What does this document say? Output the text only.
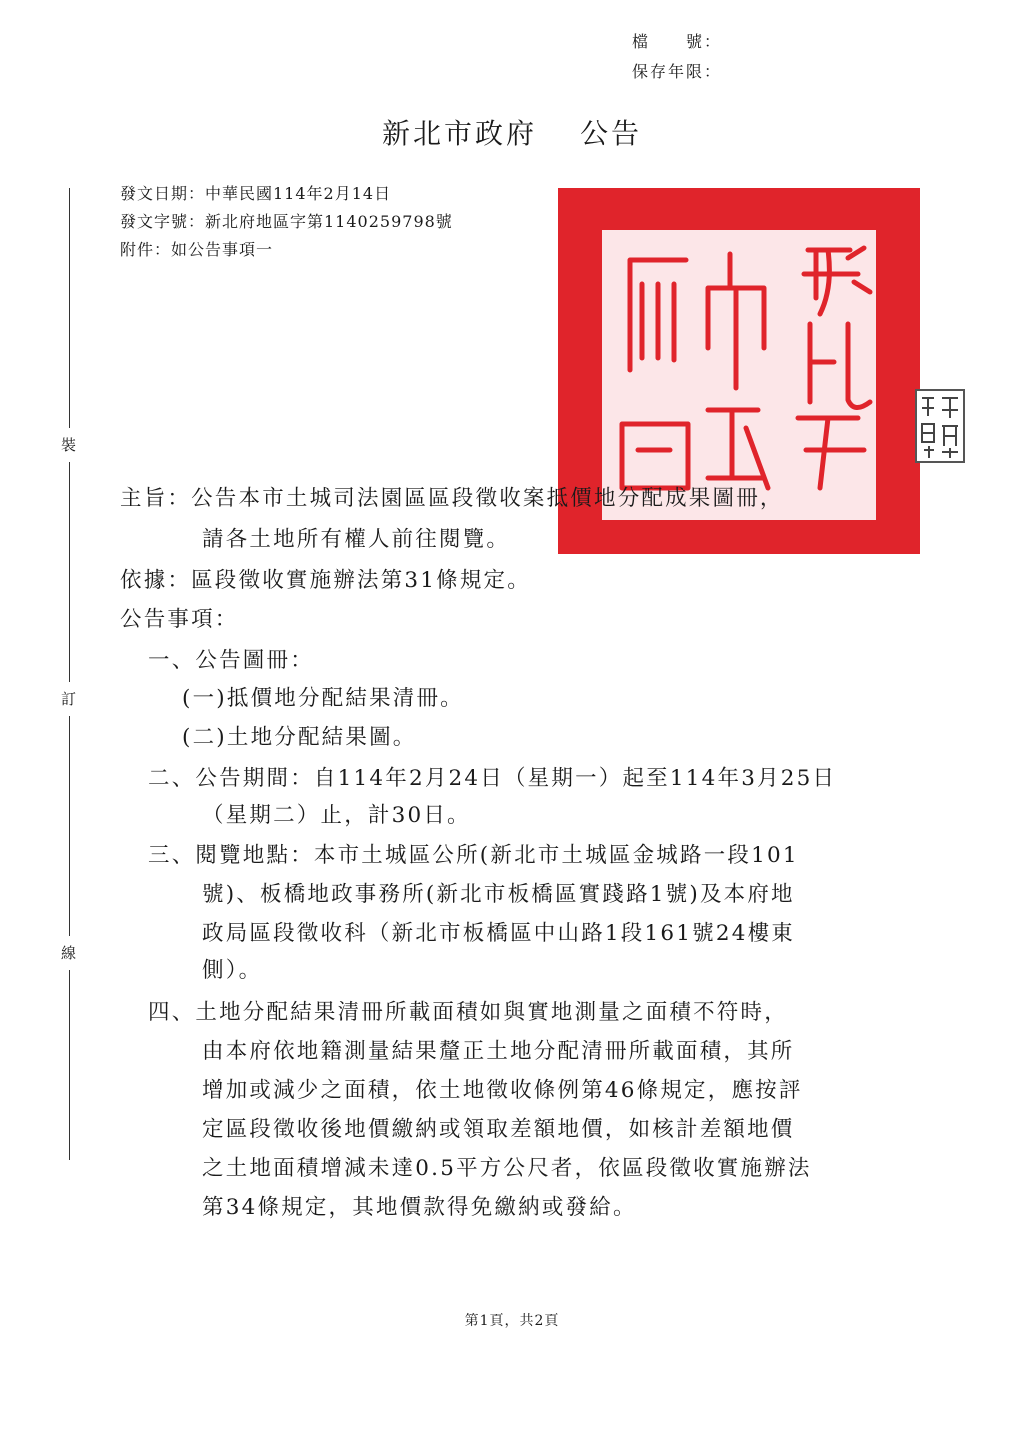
裝
訂
線
檔　　號：
保存年限：
新北市政府　 公告
發文日期：中華民國114年2月14日
發文字號：新北府地區字第1140259798號
附件：如公告事項一
主旨：公告本市土城司法園區區段徵收案抵價地分配成果圖冊，
請各土地所有權人前往閱覽。
依據：區段徵收實施辦法第31條規定。
公告事項：
一、公告圖冊：
(一)抵價地分配結果清冊。
(二)土地分配結果圖。
二、公告期間：自114年2月24日（星期一）起至114年3月25日
（星期二）止，計30日。
三、閱覽地點：本市土城區公所(新北市土城區金城路一段101
號)、板橋地政事務所(新北市板橋區實踐路1號)及本府地
政局區段徵收科（新北市板橋區中山路1段161號24樓東
側）。
四、土地分配結果清冊所載面積如與實地測量之面積不符時，
由本府依地籍測量結果釐正土地分配清冊所載面積，其所
增加或減少之面積，依土地徵收條例第46條規定，應按評
定區段徵收後地價繳納或領取差額地價，如核計差額地價
之土地面積增減未達0.5平方公尺者，依區段徵收實施辦法
第34條規定，其地價款得免繳納或發給。
第1頁，共2頁
